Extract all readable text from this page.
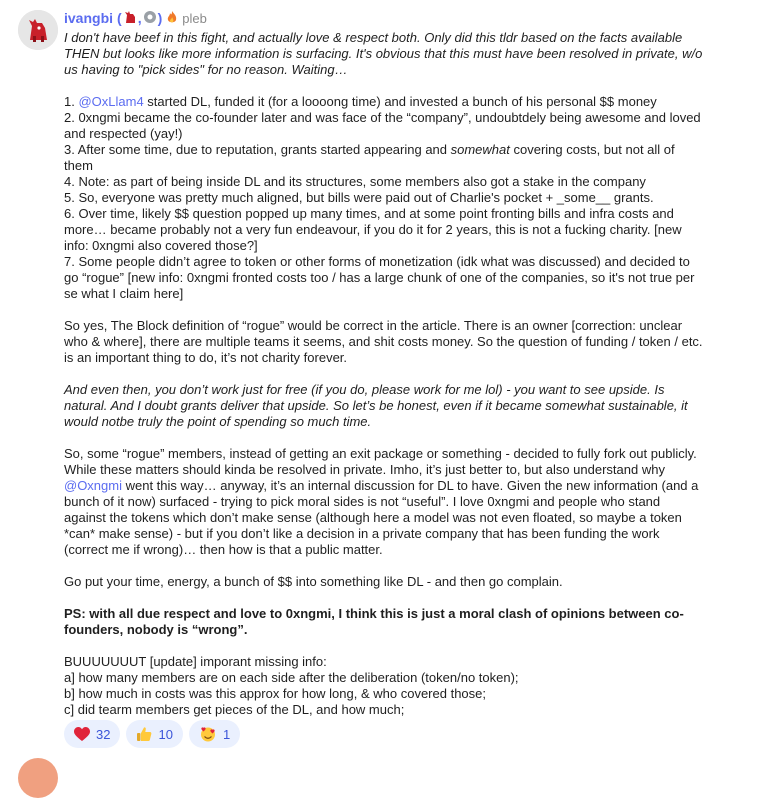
ivangbi ( , ) pleb

I don't have beef in this fight, and actually love & respect both. Only did this tldr based on the facts available THEN but looks like more information is surfacing. It's obvious that this must have been resolved in private, w/o us having to "pick sides" for no reason. Waiting…

1. @OxLlam4 started DL, funded it (for a loooong time) and invested a bunch of his personal $$ money

2. 0xngmi became the co-founder later and was face of the “company”, undoubtdely being awesome and loved and respected (yay!)

3. After some time, due to reputation, grants started appearing and somewhat covering costs, but not all of them

4. Note: as part of being inside DL and its structures, some members also got a stake in the company

5. So, everyone was pretty much aligned, but bills were paid out of Charlie's pocket + _some__ grants.

6. Over time, likely $$ question popped up many times, and at some point fronting bills and infra costs and more… became probably not a very fun endeavour, if you do it for 2 years, this is not a fucking charity. [new info: 0xngmi also covered those?]

7. Some people didn’t agree to token or other forms of monetization (idk what was discussed) and decided to go “rogue” [new info: 0xngmi fronted costs too / has a large chunk of one of the companies, so it's not true per se what I claim here]

So yes, The Block definition of “rogue” would be correct in the article. There is an owner [correction: unclear who & where], there are multiple teams it seems, and shit costs money. So the question of funding / token / etc. is an important thing to do, it’s not charity forever.

And even then, you don’t work just for free (if you do, please work for me lol) - you want to see upside. Is natural. And I doubt grants deliver that upside. So let’s be honest, even if it became somewhat sustainable, it would notbe truly the point of spending so much time.

So, some “rogue” members, instead of getting an exit package or something - decided to fully fork out publicly. While these matters should kinda be resolved in private. Imho, it’s just better to, but also understand why @Oxngmi went this way… anyway, it’s an internal discussion for DL to have. Given the new information (and a bunch of it now) surfaced - trying to pick moral sides is not “useful”. I love 0xngmi and people who stand against the tokens which don’t make sense (although here a model was not even floated, so maybe a token *can* make sense) - but if you don’t like a decision in a private company that has been funding the work (correct me if wrong)… then how is that a public matter.

Go put your time, energy, a bunch of $$ into something like DL - and then go complain.

PS: with all due respect and love to 0xngmi, I think this is just a moral clash of opinions between co-founders, nobody is “wrong”.

BUUUUUUUT [update] imporant missing info:

a] how many members are on each side after the deliberation (token/no token);

b] how much in costs was this approx for how long, & who covered those;

c] did tearm members get pieces of the DL, and how much;

32	10	1
